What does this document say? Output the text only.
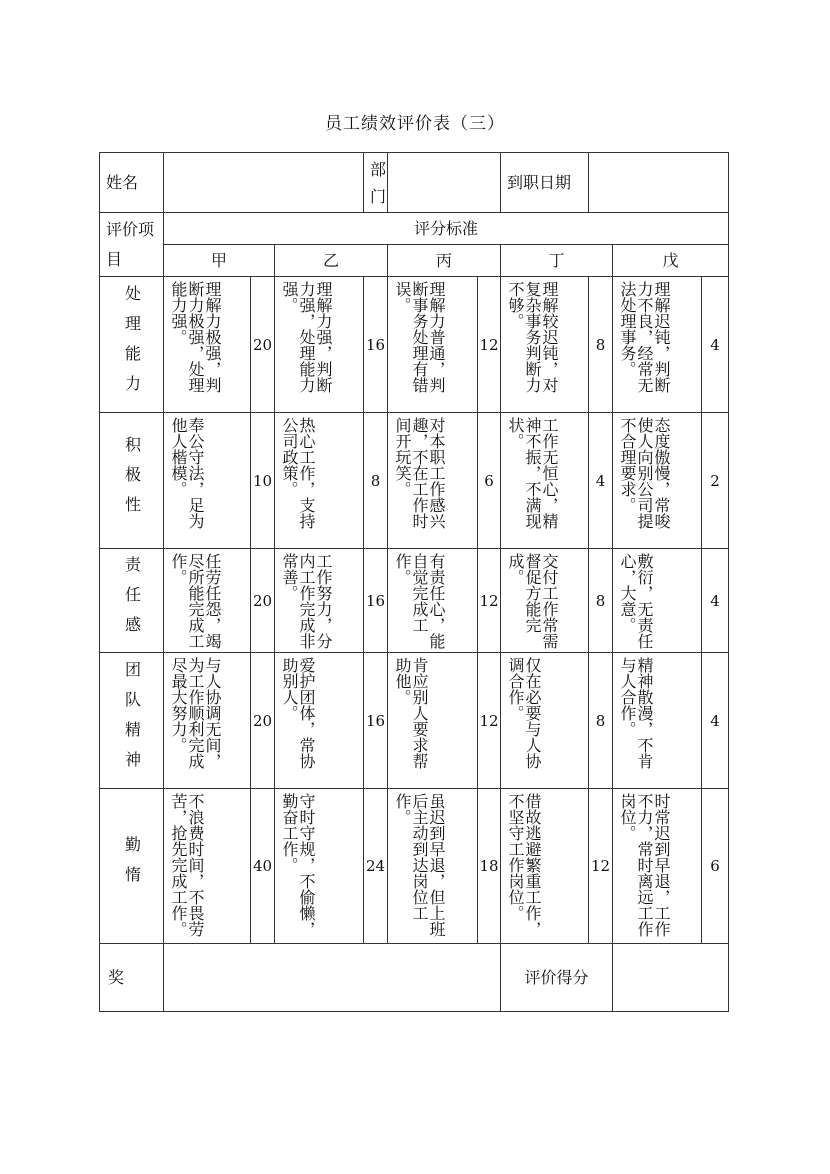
员工绩效评价表（三）
姓名				部门			到职日期			
评价项目	评分标准									
	甲		乙		丙		丁		戊	

处理能力	理解力极强，判断力极强，处理能力强。	20	理解力强，判断力强，处理能力强。	16	理解力普通，判断事务处理有错误。	12	理解较迟钝，对复杂事务判断力不够。	8	理解迟钝，判断力不良，经常无法处理事务。	4

积极性	奉公守法，足为他人楷模。	10	热心工作，支持公司政策。	8	对本职工作感兴趣，不在工作时间开玩笑。	6	工作无恒心，精神不振，不满现状。	4	态度傲慢，常唆使人向别公司提不合理要求。	2

责任感	任劳任怨，竭尽所能完成工作。	20	工作努力，分内工作完成非常善。	16	有责任心，能自觉完成工作。	12	交付工作常需督促方能完成。	8	敷衍，无责任心，大意。	4

团队精神	与人协调无间，为工作顺利完成尽最大努力。	20	爱护团体，常协助别人。	16	肯应别人要求帮助他。	12	仅在必要与人协调合作。	8	精神散漫，不肯与人合作。	4

勤惰	不浪费时间，不畏劳苦，抢先完成工作。	40	守时守规，不偷懒，勤奋工作。	24	虽迟到早退，但上班后主动到达岗位工作。	18	借故逃避繁重工作，不坚守工作岗位。	12	时常迟到早退，工作不力，常时离远工作岗位。	6
奖							评价得分			
